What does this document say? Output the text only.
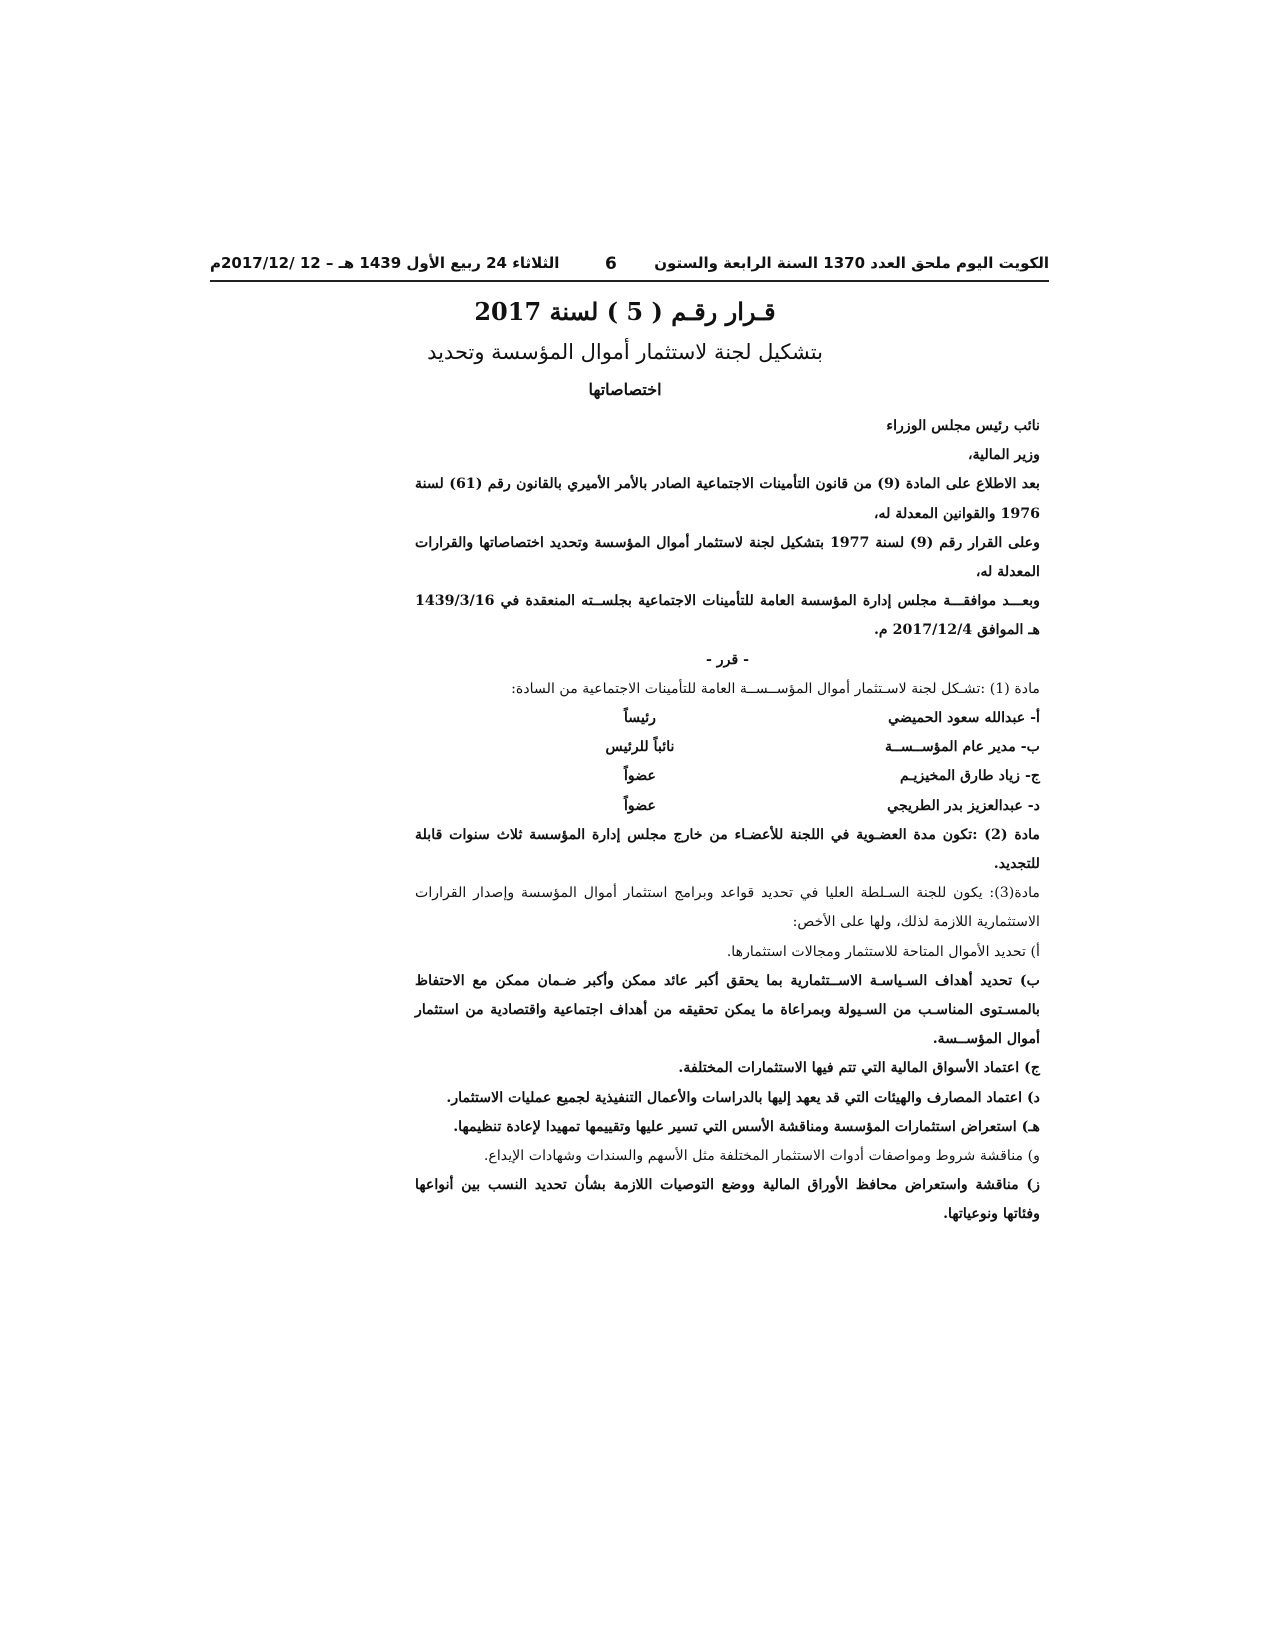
الكويت اليوم ملحق العدد 1370 السنة الرابعة والستون
6
الثلاثاء 24 ربيع الأول 1439 هـ – 12 /2017/12م
قـرار رقـم ( 5 ) لسنة 2017
بتشكيل لجنة لاستثمار أموال المؤسسة وتحديد
اختصاصاتها

نائب رئيس مجلس الوزراء

وزير المالية،

بعد الاطلاع على المادة (9) من قانون التأمينات الاجتماعية الصادر بالأمر الأميري بالقانون رقم (61) لسنة 1976 والقوانين المعدلة له،

وعلى القرار رقم (9) لسنة 1977 بتشكيل لجنة لاستثمار أموال المؤسسة وتحديد اختصاصاتها والقرارات المعدلة له،

وبعـــد موافقـــة مجلس إدارة المؤسسة العامة للتأمينات الاجتماعية بجلســته المنعقدة في 1439/3/16 هـ الموافق 2017/12/4 م.

- قرر -

مادة (1) :تشـكل لجنة لاسـتثمار أموال المؤســســة العامة للتأمينات الاجتماعية من السادة:

أ- عبدالله سعود الحميضي
رئيساً
ب- مدير عام المؤســســة
نائباً للرئيس
ج- زياد طارق المخيزيـم
عضواً
د- عبدالعزيز بدر الطريجي
عضواً

مادة (2) :تكون مدة العضـوية في اللجنة للأعضـاء من خارج مجلس إدارة المؤسسة ثلاث سنوات قابلة للتجديد.

مادة(3): يكون للجنة السـلطة العليا في تحديد قواعد وبرامج استثمار أموال المؤسسة وإصدار القرارات الاستثمارية اللازمة لذلك، ولها على الأخص:

أ) تحديد الأموال المتاحة للاستثمار ومجالات استثمارها.

ب) تحديد أهداف السـياسـة الاســتثمارية بما يحقق أكبر عائد ممكن وأكبر ضـمان ممكن مع الاحتفاظ بالمسـتوى المناسـب من السـيولة وبمراعاة ما يمكن تحقيقه من أهداف اجتماعية واقتصادية من استثمار أموال المؤســسة.

ج) اعتماد الأسواق المالية التي تتم فيها الاستثمارات المختلفة.

د) اعتماد المصارف والهيئات التي قد يعهد إليها بالدراسات والأعمال التنفيذية لجميع عمليات الاستثمار.

هـ) استعراض استثمارات المؤسسة ومناقشة الأسس التي تسير عليها وتقييمها تمهيدا لإعادة تنظيمها.

و) مناقشة شروط ومواصفات أدوات الاستثمار المختلفة مثل الأسهم والسندات وشهادات الإيداع.

ز) مناقشة واستعراض محافظ الأوراق المالية ووضع التوصيات اللازمة بشأن تحديد النسب بين أنواعها وفئاتها ونوعياتها.
